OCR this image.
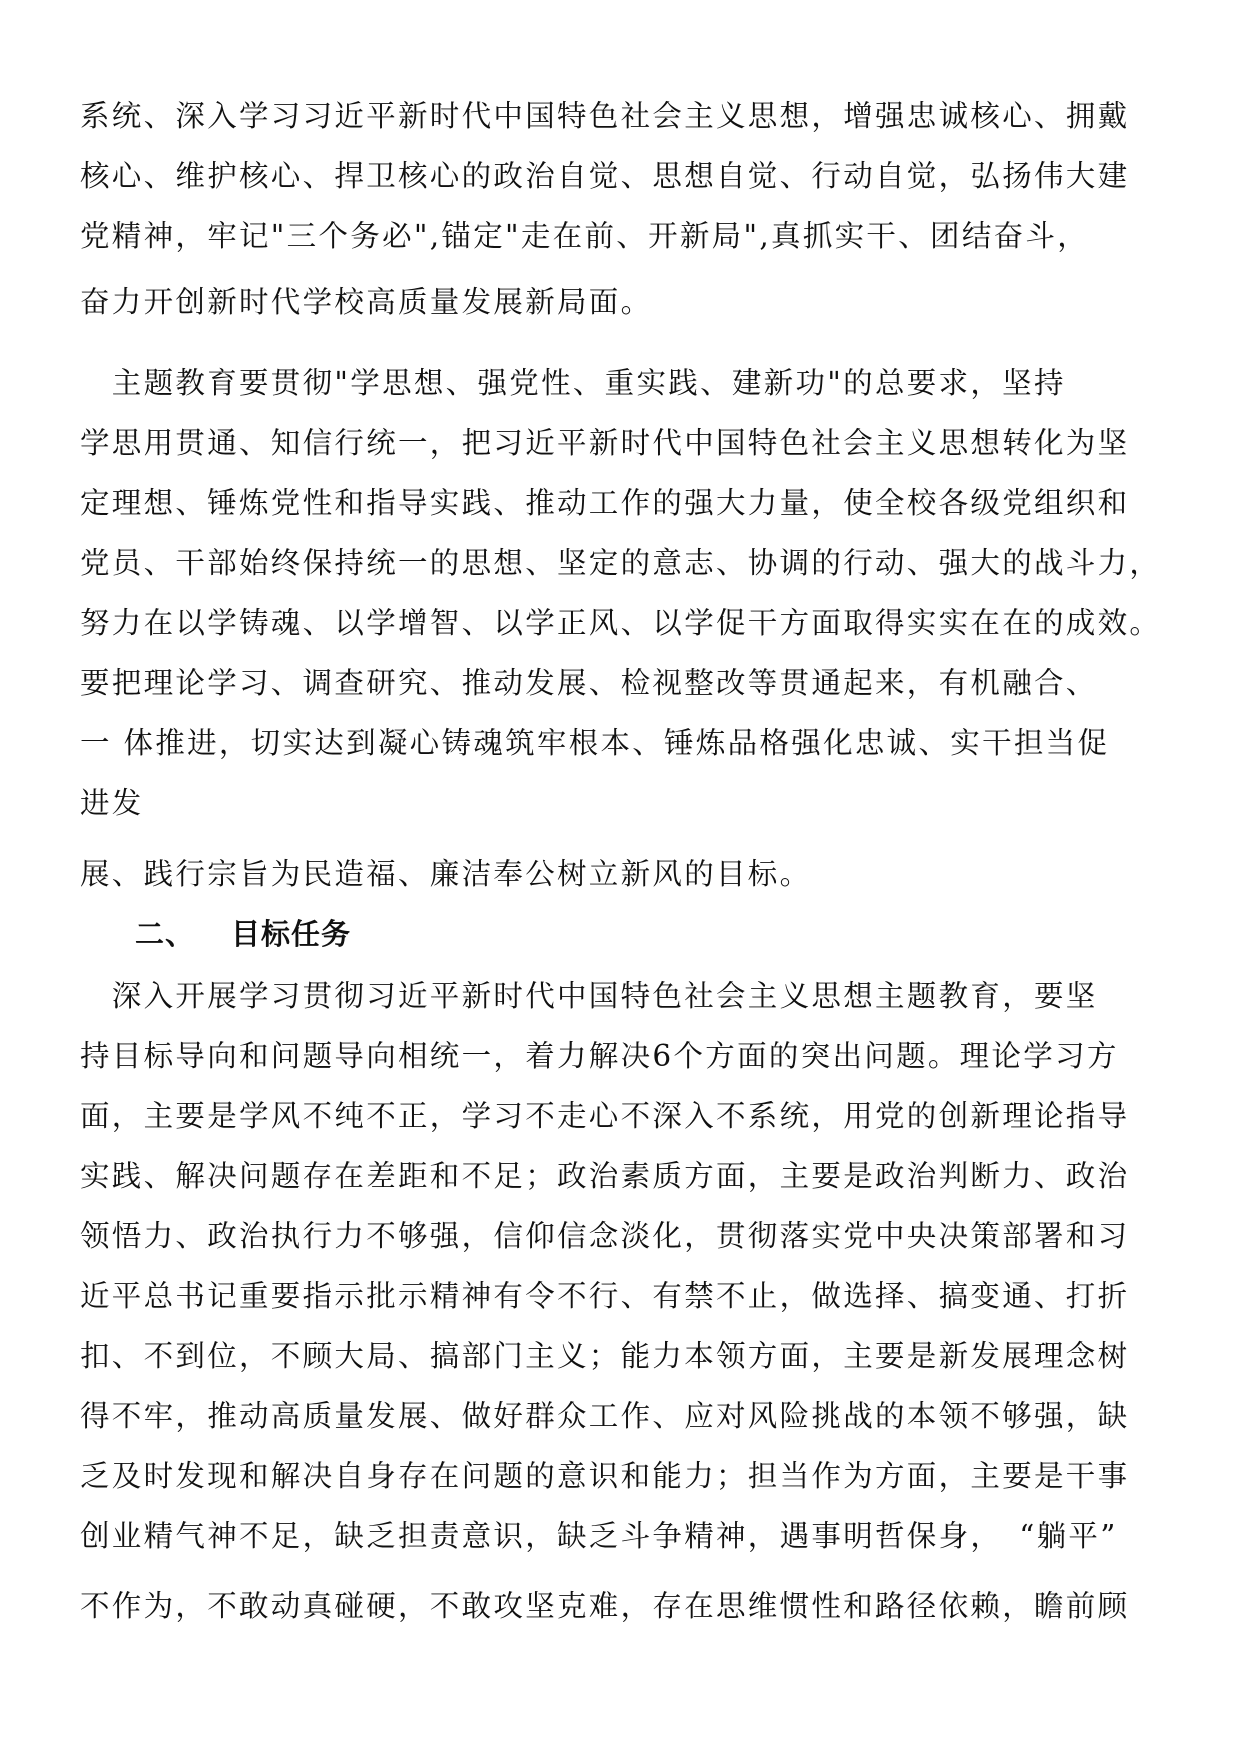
系统、深入学习习近平新时代中国特色社会主义思想，增强忠诚核心、拥戴
核心、维护核心、捍卫核心的政治自觉、思想自觉、行动自觉，弘扬伟大建
党精神，牢记"三个务必",锚定"走在前、开新局",真抓实干、团结奋斗，
奋力开创新时代学校高质量发展新局面。
　主题教育要贯彻"学思想、强党性、重实践、建新功"的总要求，坚持
学思用贯通、知信行统一，把习近平新时代中国特色社会主义思想转化为坚
定理想、锤炼党性和指导实践、推动工作的强大力量，使全校各级党组织和
党员、干部始终保持统一的思想、坚定的意志、协调的行动、强大的战斗力，
努力在以学铸魂、以学增智、以学正风、以学促干方面取得实实在在的成效。
要把理论学习、调查研究、推动发展、检视整改等贯通起来，有机融合、
一 体推进，切实达到凝心铸魂筑牢根本、锤炼品格强化忠诚、实干担当促
进发
展、践行宗旨为民造福、廉洁奉公树立新风的目标。
二、 目标任务
　深入开展学习贯彻习近平新时代中国特色社会主义思想主题教育，要坚
持目标导向和问题导向相统一，着力解决6个方面的突出问题。理论学习方
面，主要是学风不纯不正，学习不走心不深入不系统，用党的创新理论指导
实践、解决问题存在差距和不足；政治素质方面，主要是政治判断力、政治
领悟力、政治执行力不够强，信仰信念淡化，贯彻落实党中央决策部署和习
近平总书记重要指示批示精神有令不行、有禁不止，做选择、搞变通、打折
扣、不到位，不顾大局、搞部门主义；能力本领方面，主要是新发展理念树
得不牢，推动高质量发展、做好群众工作、应对风险挑战的本领不够强，缺
乏及时发现和解决自身存在问题的意识和能力；担当作为方面，主要是干事
创业精气神不足，缺乏担责意识，缺乏斗争精神，遇事明哲保身，　“躺平”
不作为，不敢动真碰硬，不敢攻坚克难，存在思维惯性和路径依赖，瞻前顾
